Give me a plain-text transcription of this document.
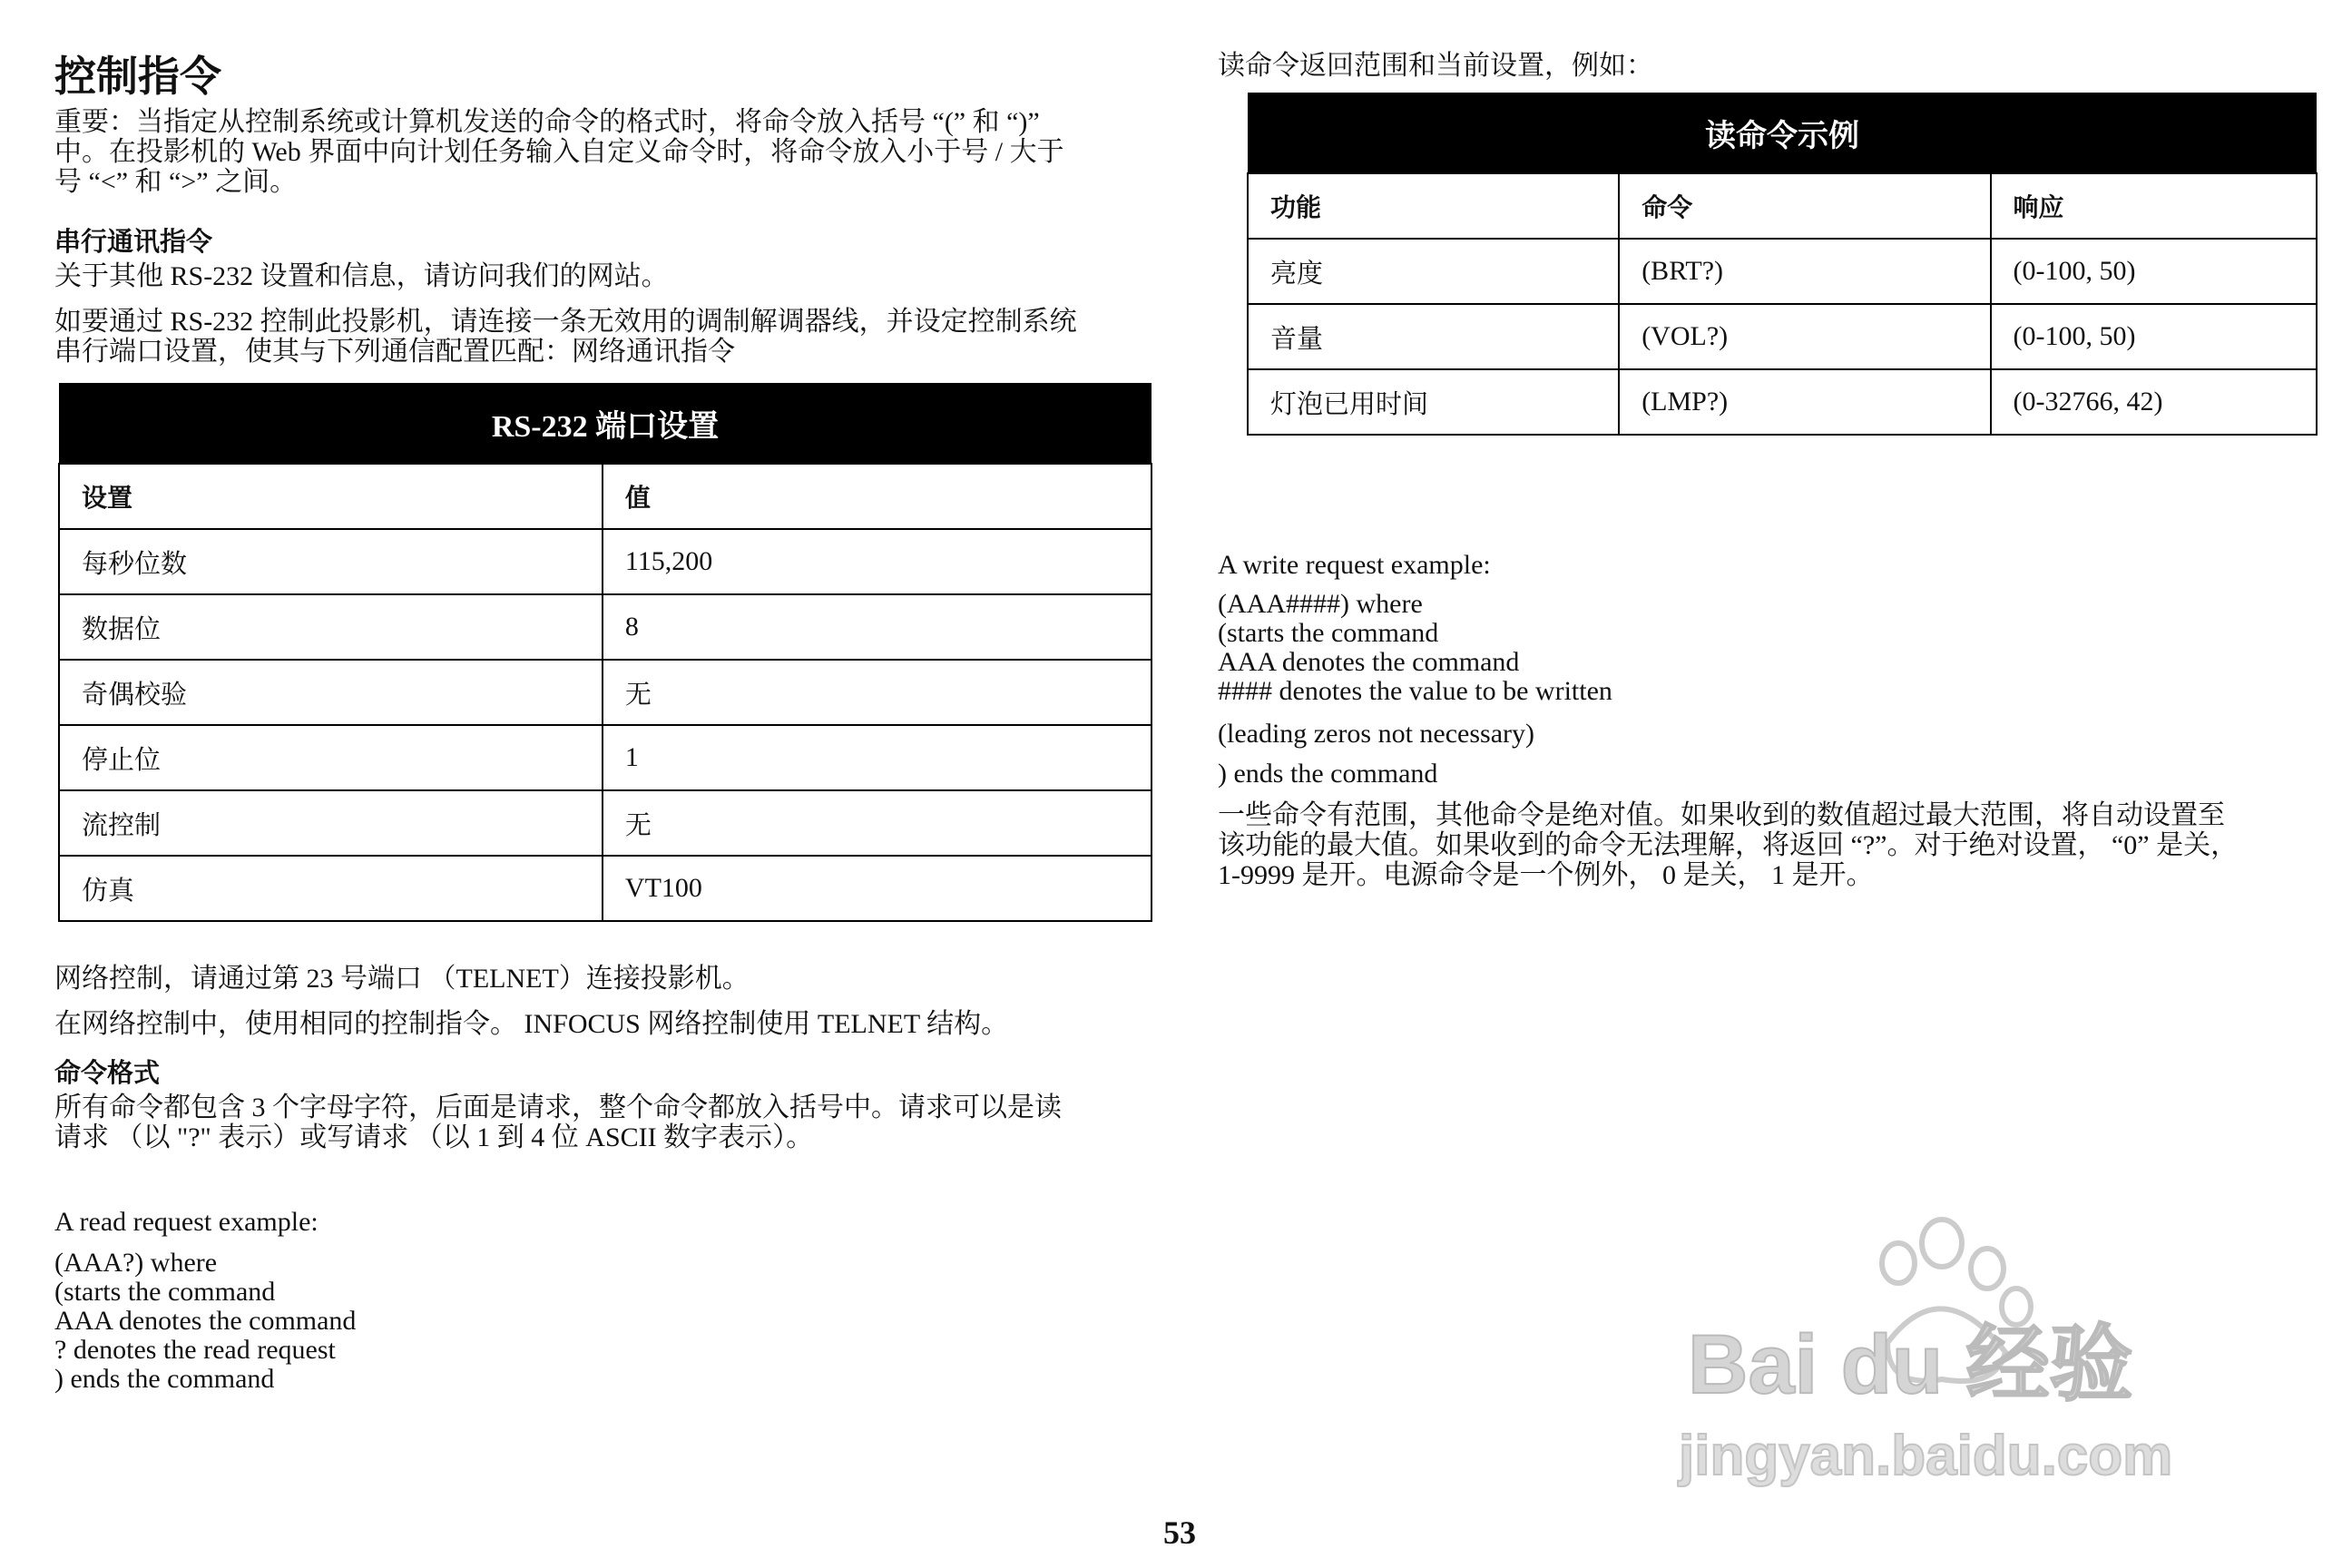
控制指令
重要：当指定从控制系统或计算机发送的命令的格式时，将命令放入括号 “(” 和 “)”
中。在投影机的 Web 界面中向计划任务输入自定义命令时，将命令放入小于号 / 大于
号 “<” 和 “>” 之间。
串行通讯指令
关于其他 RS-232 设置和信息，请访问我们的网站。
如要通过 RS-232 控制此投影机，请连接一条无效用的调制解调器线，并设定控制系统
串行端口设置，使其与下列通信配置匹配：网络通讯指令
RS-232 端口设置	
设置	值
每秒位数	115,200
数据位	8
奇偶校验	无
停止位	1
流控制	无
仿真	VT100
网络控制，请通过第 23 号端口 （TELNET）连接投影机。
在网络控制中，使用相同的控制指令。 INFOCUS 网络控制使用 TELNET 结构。
命令格式
所有命令都包含 3 个字母字符，后面是请求，整个命令都放入括号中。请求可以是读
请求 （以 "?" 表示）或写请求 （以 1 到 4 位 ASCII 数字表示）。
A read request example:
(AAA?) where
(starts the command
AAA denotes the command
? denotes the read request
) ends the command
读命令返回范围和当前设置，例如：
读命令示例		
功能	命令	响应
亮度	(BRT?)	(0-100, 50)
音量	(VOL?)	(0-100, 50)
灯泡已用时间	(LMP?)	(0-32766, 42)
A write request example:
(AAA####) where
(starts the command
AAA denotes the command
#### denotes the value to be written
(leading zeros not necessary)
) ends the command
一些命令有范围，其他命令是绝对值。如果收到的数值超过最大范围，将自动设置至
该功能的最大值。如果收到的命令无法理解，将返回 “?”。对于绝对设置， “0” 是关，
1-9999 是开。电源命令是一个例外， 0 是关， 1 是开。
Bai du 经验
jingyan.baidu.com
53
